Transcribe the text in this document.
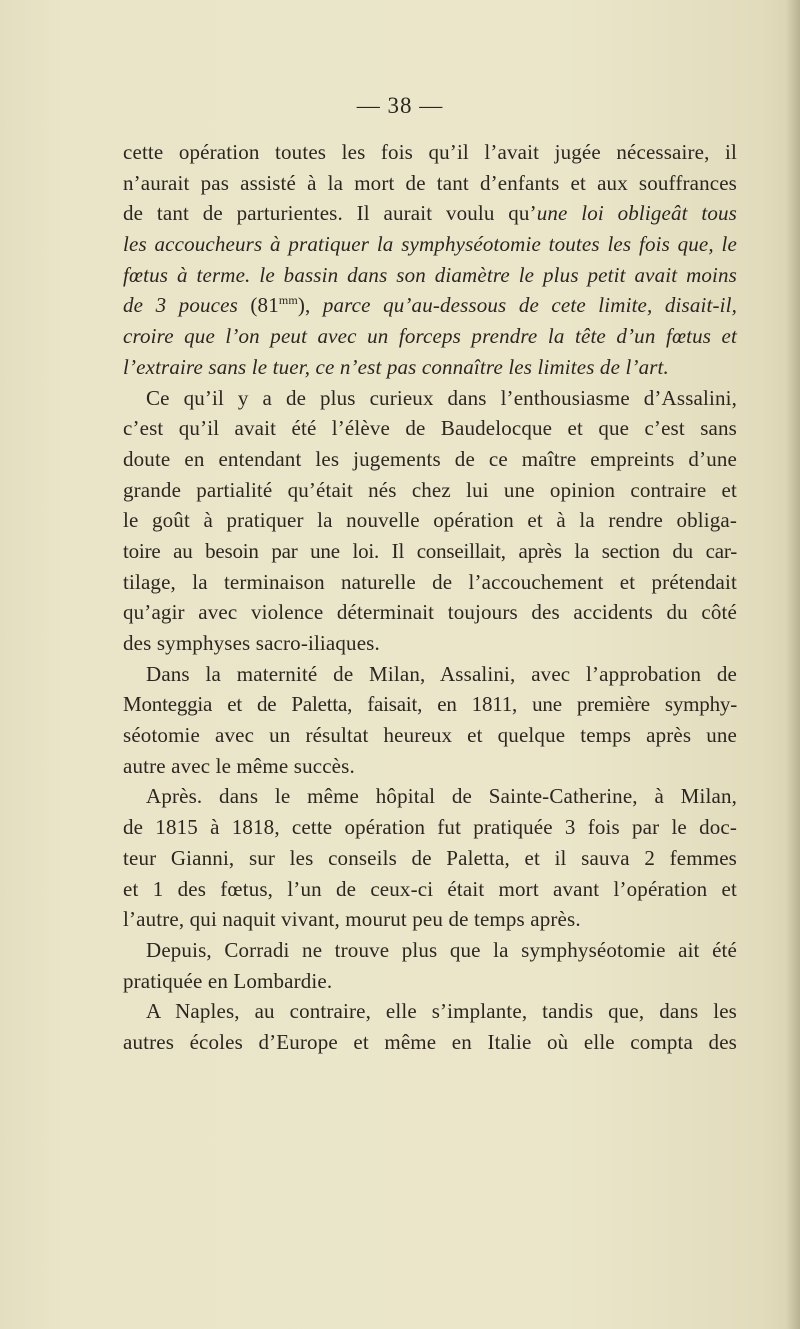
— 38 —
cette opération toutes les fois qu’il l’avait jugée nécessaire, il
n’aurait pas assisté à la mort de tant d’enfants et aux souffrances
de tant de parturientes. Il aurait voulu qu’une loi obligeât tous
les accoucheurs à pratiquer la symphyséotomie toutes les fois que, le
fœtus à terme. le bassin dans son diamètre le plus petit avait moins
de 3 pouces $(81^{mm})$, parce qu’au-dessous de cete limite, disait-il,
croire que l’on peut avec un forceps prendre la tête d’un fœtus et
l’extraire sans le tuer, ce n’est pas connaître les limites de l’art.
Ce qu’il y a de plus curieux dans l’enthousiasme d’Assalini,
c’est qu’il avait été l’élève de Baudelocque et que c’est sans
doute en entendant les jugements de ce maître empreints d’une
grande partialité qu’était nés chez lui une opinion contraire et
le goût à pratiquer la nouvelle opération et à la rendre obliga-
toire au besoin par une loi. Il conseillait, après la section du car-
tilage, la terminaison naturelle de l’accouchement et prétendait
qu’agir avec violence déterminait toujours des accidents du côté
des symphyses sacro-iliaques.
Dans la maternité de Milan, Assalini, avec l’approbation de
Monteggia et de Paletta, faisait, en 1811, une première symphy-
séotomie avec un résultat heureux et quelque temps après une
autre avec le même succès.
Après. dans le même hôpital de Sainte-Catherine, à Milan,
de 1815 à 1818, cette opération fut pratiquée 3 fois par le doc-
teur Gianni, sur les conseils de Paletta, et il sauva 2 femmes
et 1 des fœtus, l’un de ceux-ci était mort avant l’opération et
l’autre, qui naquit vivant, mourut peu de temps après.
Depuis, Corradi ne trouve plus que la symphyséotomie ait été
pratiquée en Lombardie.
A Naples, au contraire, elle s’implante, tandis que, dans les
autres écoles d’Europe et même en Italie où elle compta des
